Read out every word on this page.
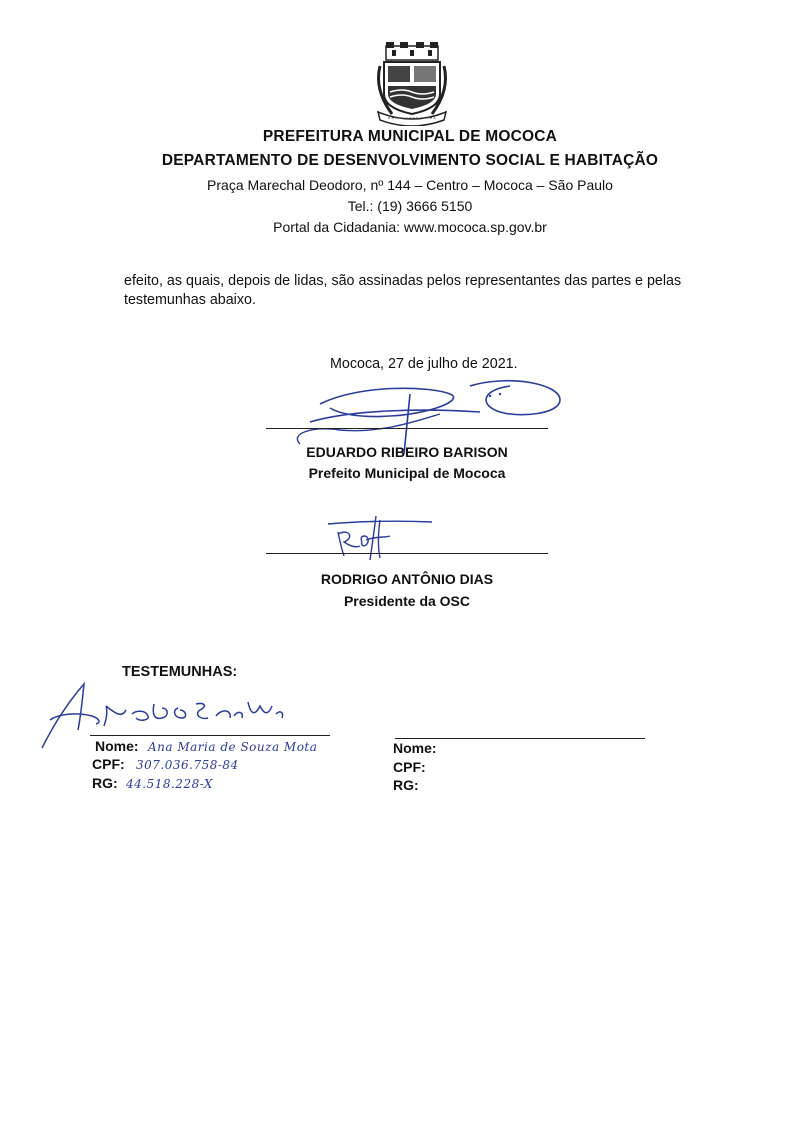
PREFEITURA MUNICIPAL DE MOCOCA
DEPARTAMENTO DE DESENVOLVIMENTO SOCIAL E HABITAÇÃO
Praça Marechal Deodoro, nº 144 – Centro – Mococa – São Paulo
Tel.: (19) 3666 5150
Portal da Cidadania: www.mococa.sp.gov.br
efeito, as quais, depois de lidas, são assinadas pelos representantes das partes e pelas testemunhas abaixo.
Mococa, 27 de julho de 2021.
EDUARDO RIBEIRO BARISON
Prefeito Municipal de Mococa
RODRIGO ANTÔNIO DIAS
Presidente da OSC
TESTEMUNHAS:
Nome:
CPF:
RG:
Ana Maria de Souza Mota
307.036.758-84
44.518.228-X
Nome:
CPF:
RG:
